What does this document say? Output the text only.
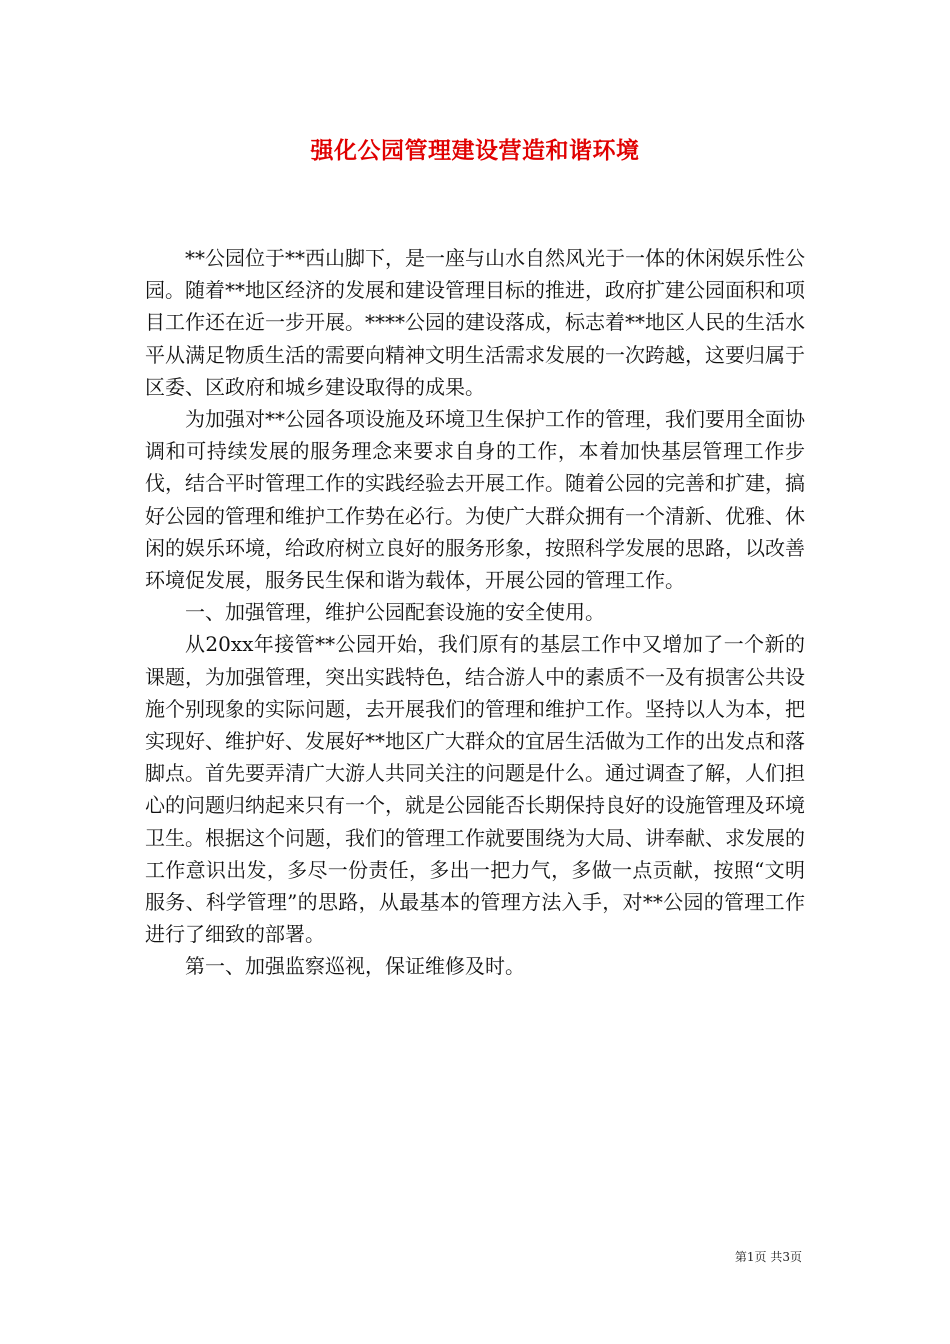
强化公园管理建设营造和谐环境

**公园位于**西山脚下，是一座与山水自然风光于一体的休闲娱乐性公园。随着**地区经济的发展和建设管理目标的推进，政府扩建公园面积和项目工作还在近一步开展。****公园的建设落成，标志着**地区人民的生活水平从满足物质生活的需要向精神文明生活需求发展的一次跨越，这要归属于区委、区政府和城乡建设取得的成果。

为加强对**公园各项设施及环境卫生保护工作的管理，我们要用全面协调和可持续发展的服务理念来要求自身的工作，本着加快基层管理工作步伐，结合平时管理工作的实践经验去开展工作。随着公园的完善和扩建，搞好公园的管理和维护工作势在必行。为使广大群众拥有一个清新、优雅、休闲的娱乐环境，给政府树立良好的服务形象，按照科学发展的思路，以改善环境促发展，服务民生保和谐为载体，开展公园的管理工作。

一、加强管理，维护公园配套设施的安全使用。

从20xx年接管**公园开始，我们原有的基层工作中又增加了一个新的课题，为加强管理，突出实践特色，结合游人中的素质不一及有损害公共设施个别现象的实际问题，去开展我们的管理和维护工作。坚持以人为本，把实现好、维护好、发展好**地区广大群众的宜居生活做为工作的出发点和落脚点。首先要弄清广大游人共同关注的问题是什么。通过调查了解，人们担心的问题归纳起来只有一个，就是公园能否长期保持良好的设施管理及环境卫生。根据这个问题，我们的管理工作就要围绕为大局、讲奉献、求发展的工作意识出发，多尽一份责任，多出一把力气，多做一点贡献，按照“文明服务、科学管理”的思路，从最基本的管理方法入手，对**公园的管理工作进行了细致的部署。

第一、加强监察巡视，保证维修及时。

第1页 共3页
